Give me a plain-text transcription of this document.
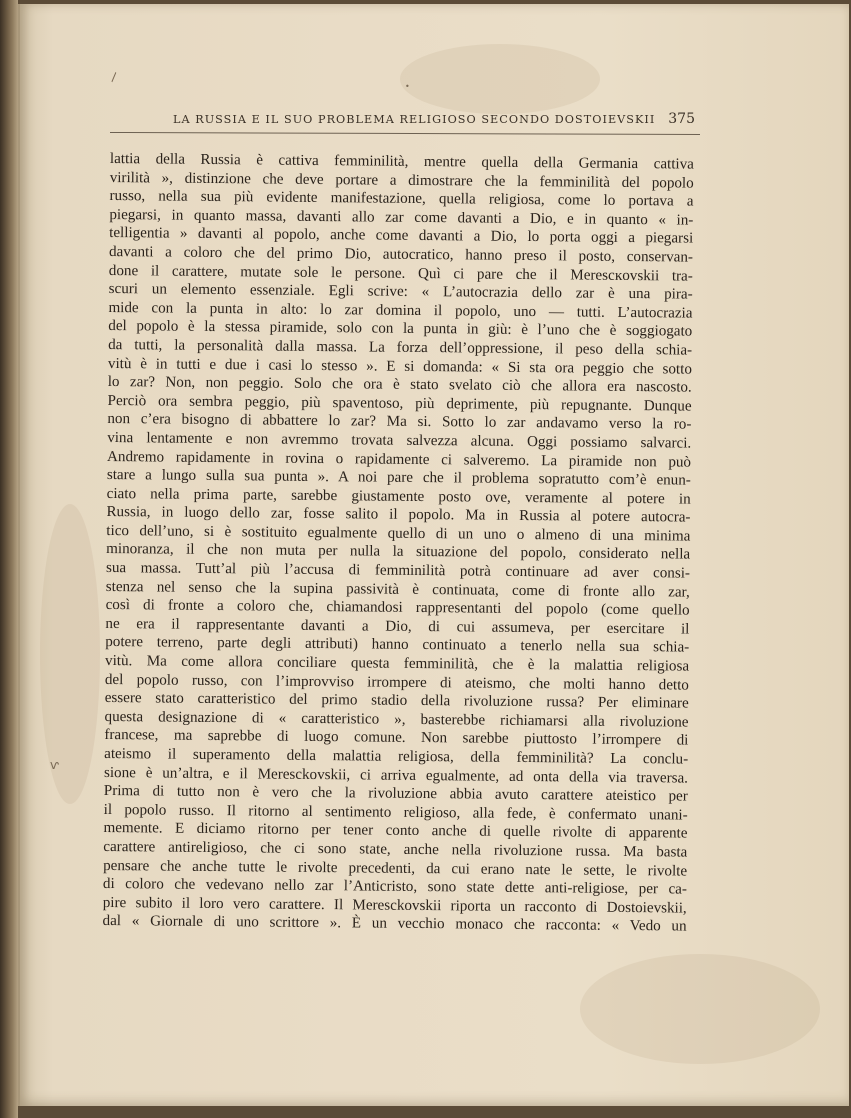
\
•
ⱱ
LA RUSSIA E IL SUO PROBLEMA RELIGIOSO SECONDO DOSTOIEVSKII 375
lattia della Russia è cattiva femminilità, mentre quella della Germania cattiva
virilità », distinzione che deve portare a dimostrare che la femminilità del popolo
russo, nella sua più evidente manifestazione, quella religiosa, come lo portava a
piegarsi, in quanto massa, davanti allo zar come davanti a Dio, e in quanto « in-
telligentia » davanti al popolo, anche come davanti a Dio, lo porta oggi a piegarsi
davanti a coloro che del primo Dio, autocratico, hanno preso il posto, conservan-
done il carattere, mutate sole le persone. Quì ci pare che il Merescĸovskii tra-
scuri un elemento essenziale. Egli scrive: « L’autocrazia dello zar è una pira-
mide con la punta in alto: lo zar domina il popolo, uno — tutti. L’autocrazia
del popolo è la stessa piramide, solo con la punta in giù: è l’uno che è soggiogato
da tutti, la personalità dalla massa. La forza dell’oppressione, il peso della schia-
vitù è in tutti e due i casi lo stesso ». E si domanda: « Si sta ora peggio che sotto
lo zar? Non, non peggio. Solo che ora è stato svelato ciò che allora era nascosto.
Perciò ora sembra peggio, più spaventoso, più deprimente, più repugnante. Dunque
non c’era bisogno di abbattere lo zar? Ma si. Sotto lo zar andavamo verso la ro-
vina lentamente e non avremmo trovata salvezza alcuna. Oggi possiamo salvarci.
Andremo rapidamente in rovina o rapidamente ci salveremo. La piramide non può
stare a lungo sulla sua punta ». A noi pare che il problema sopratutto com’è enun-
ciato nella prima parte, sarebbe giustamente posto ove, veramente al potere in
Russia, in luogo dello zar, fosse salito il popolo. Ma in Russia al potere autocra-
tico dell’uno, si è sostituito egualmente quello di un uno o almeno di una minima
minoranza, il che non muta per nulla la situazione del popolo, considerato nella
sua massa. Tutt’al più l’accusa di femminilità potrà continuare ad aver consi-
stenza nel senso che la supina passività è continuata, come di fronte allo zar,
così di fronte a coloro che, chiamandosi rappresentanti del popolo (come quello
ne era il rappresentante davanti a Dio, di cui assumeva, per esercitare il
potere terreno, parte degli attributi) hanno continuato a tenerlo nella sua schia-
vitù. Ma come allora conciliare questa femminilità, che è la malattia religiosa
del popolo russo, con l’improvviso irrompere di ateismo, che molti hanno detto
essere stato caratteristico del primo stadio della rivoluzione russa? Per eliminare
questa designazione di « caratteristico », basterebbe richiamarsi alla rivoluzione
francese, ma saprebbe di luogo comune. Non sarebbe piuttosto l’irrompere di
ateismo il superamento della malattia religiosa, della femminilità? La conclu-
sione è un’altra, e il Meresckovskii, ci arriva egualmente, ad onta della via traversa.
Prima di tutto non è vero che la rivoluzione abbia avuto carattere ateistico per
il popolo russo. Il ritorno al sentimento religioso, alla fede, è confermato unani-
memente. E diciamo ritorno per tener conto anche di quelle rivolte di apparente
carattere antireligioso, che ci sono state, anche nella rivoluzione russa. Ma basta
pensare che anche tutte le rivolte precedenti, da cui erano nate le sette, le rivolte
di coloro che vedevano nello zar l’Anticristo, sono state dette anti-religiose, per ca-
pire subito il loro vero carattere. Il Meresckovskii riporta un racconto di Dostoievskii,
dal « Giornale di uno scrittore ». È un vecchio monaco che racconta: « Vedo un
